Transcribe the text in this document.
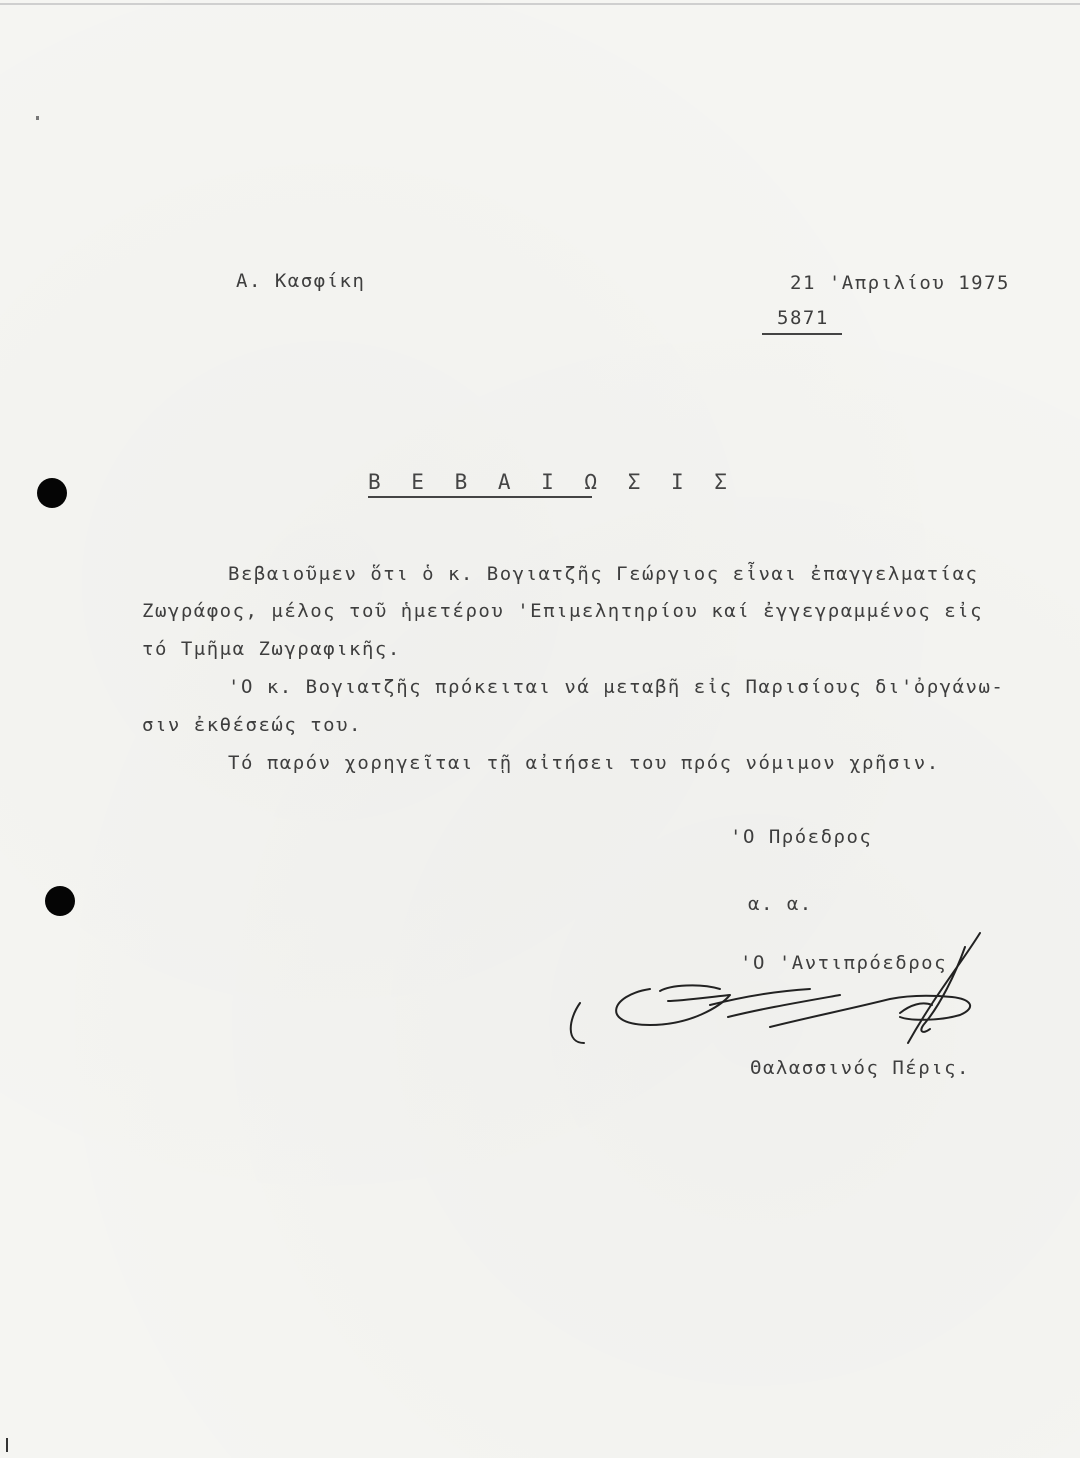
Α. Κασφίκη	21 'Απριλίου 1975
5871
Β Ε Β Α Ι Ω Σ Ι Σ
Βεβαιοῦμεν ὅτι ὁ κ. Βογιατζῆς Γεώργιος εἶναι ἐπαγγελματίας
Ζωγράφος, μέλος τοῦ ἡμετέρου 'Επιμελητηρίου καί ἐγγεγραμμένος εἰς
τό Τμῆμα Ζωγραφικῆς.
'Ο κ. Βογιατζῆς πρόκειται νά μεταβῆ εἰς Παρισίους δι'ὀργάνω-
σιν ἐκθέσεώς του.
Τό παρόν χορηγεῖται τῇ αἰτήσει του πρός νόμιμον χρῆσιν.
'Ο Πρόεδρος
α. α.
'Ο 'Αντιπρόεδρος
Θαλασσινός Πέρις.
